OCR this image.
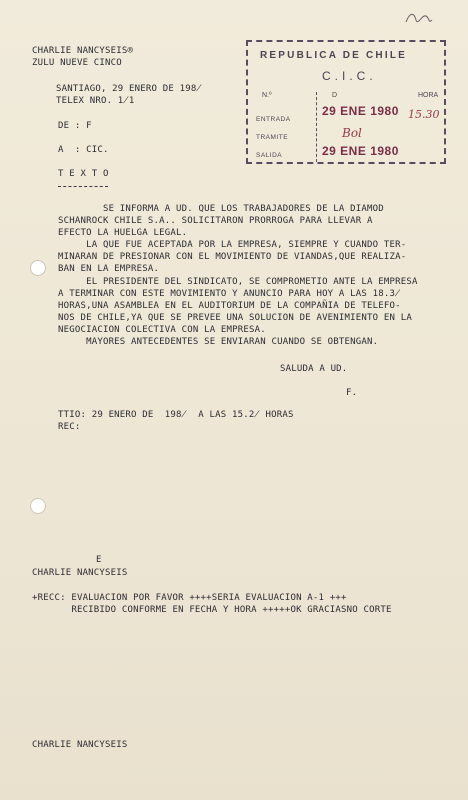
CHARLIE NANCYSEIS®
ZULU NUEVE CINCO
SANTIAGO, 29 ENERO DE 198̸
TELEX NRO. 1̸1
DE : F
A  : CIC.
T E X T O
REPUBLICA DE CHILE
C.I.C.
N.º	D	HORA
ENTRADA
TRAMITE
SALIDA
29 ENE 1980 15.30
Bol
29 ENE 1980
SE INFORMA A UD. QUE LOS TRABAJADORES DE LA DIAMOD
SCHANROCK CHILE S.A.. SOLICITARON PRORROGA PARA LLEVAR A
EFECTO LA HUELGA LEGAL.
LA QUE FUE ACEPTADA POR LA EMPRESA, SIEMPRE Y CUANDO TER-
MINARAN DE PRESIONAR CON EL MOVIMIENTO DE VIANDAS,QUE REALIZA-
BAN EN LA EMPRESA.
EL PRESIDENTE DEL SINDICATO, SE COMPROMETIO ANTE LA EMPRESA
A TERMINAR CON ESTE MOVIMIENTO Y ANUNCIO PARA HOY A LAS 18.3̸
HORAS,UNA ASAMBLEA EN EL AUDITORIUM DE LA COMPAÑIA DE TELEFO-
NOS DE CHILE,YA QUE SE PREVEE UNA SOLUCION DE AVENIMIENTO EN LA
NEGOCIACION COLECTIVA CON LA EMPRESA.
MAYORES ANTECEDENTES SE ENVIARAN CUANDO SE OBTENGAN.
SALUDA A UD.
F.
TTIO: 29 ENERO DE  198̸  A LAS 15.2̸ HORAS
REC:
E
CHARLIE NANCYSEIS
+RECC: EVALUACION POR FAVOR ++++SERIA EVALUACION A-1 +++
RECIBIDO CONFORME EN FECHA Y HORA +++++OK GRACIASNO CORTE
CHARLIE NANCYSEIS
